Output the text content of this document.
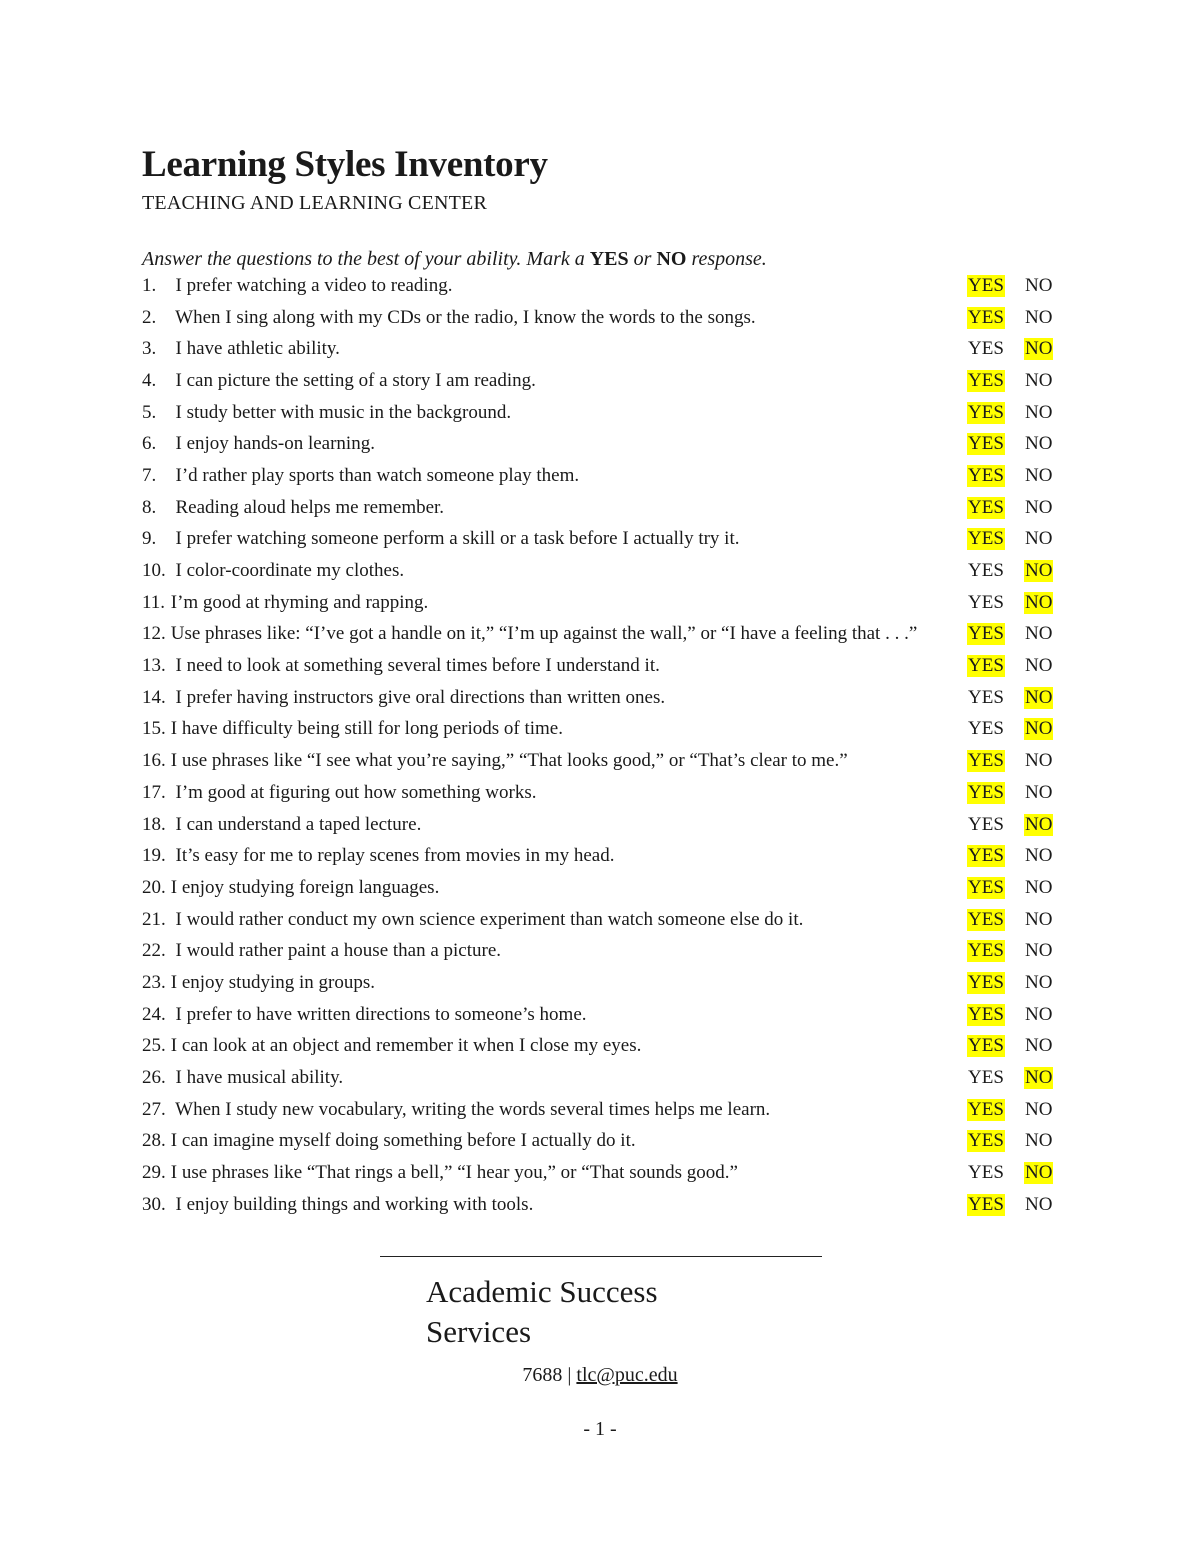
Learning Styles Inventory
TEACHING AND LEARNING CENTER
Answer the questions to the best of your ability. Mark a YES or NO response.
1. I prefer watching a video to reading.	YES NO
2. When I sing along with my CDs or the radio, I know the words to the songs.	YES NO
3. I have athletic ability.	YES NO
4. I can picture the setting of a story I am reading.	YES NO
5. I study better with music in the background.	YES NO
6. I enjoy hands-on learning.	YES NO
7. I’d rather play sports than watch someone play them.	YES NO
8. Reading aloud helps me remember.	YES NO
9. I prefer watching someone perform a skill or a task before I actually try it.	YES NO
10. I color-coordinate my clothes.	YES NO
11. I’m good at rhyming and rapping.	YES NO
12. Use phrases like: “I’ve got a handle on it,” “I’m up against the wall,” or “I have a feeling that . . .”	YES NO
13. I need to look at something several times before I understand it.	YES NO
14. I prefer having instructors give oral directions than written ones.	YES NO
15. I have difficulty being still for long periods of time.	YES NO
16. I use phrases like “I see what you’re saying,” “That looks good,” or “That’s clear to me.”	YES NO
17. I’m good at figuring out how something works.	YES NO
18. I can understand a taped lecture.	YES NO
19. It’s easy for me to replay scenes from movies in my head.	YES NO
20. I enjoy studying foreign languages.	YES NO
21. I would rather conduct my own science experiment than watch someone else do it.	YES NO
22. I would rather paint a house than a picture.	YES NO
23. I enjoy studying in groups.	YES NO
24. I prefer to have written directions to someone’s home.	YES NO
25. I can look at an object and remember it when I close my eyes.	YES NO
26. I have musical ability.	YES NO
27. When I study new vocabulary, writing the words several times helps me learn.	YES NO
28. I can imagine myself doing something before I actually do it.	YES NO
29. I use phrases like “That rings a bell,” “I hear you,” or “That sounds good.”	YES NO
30. I enjoy building things and working with tools.	YES NO
Academic Success Services
7688 | tlc@puc.edu
- 1 -
